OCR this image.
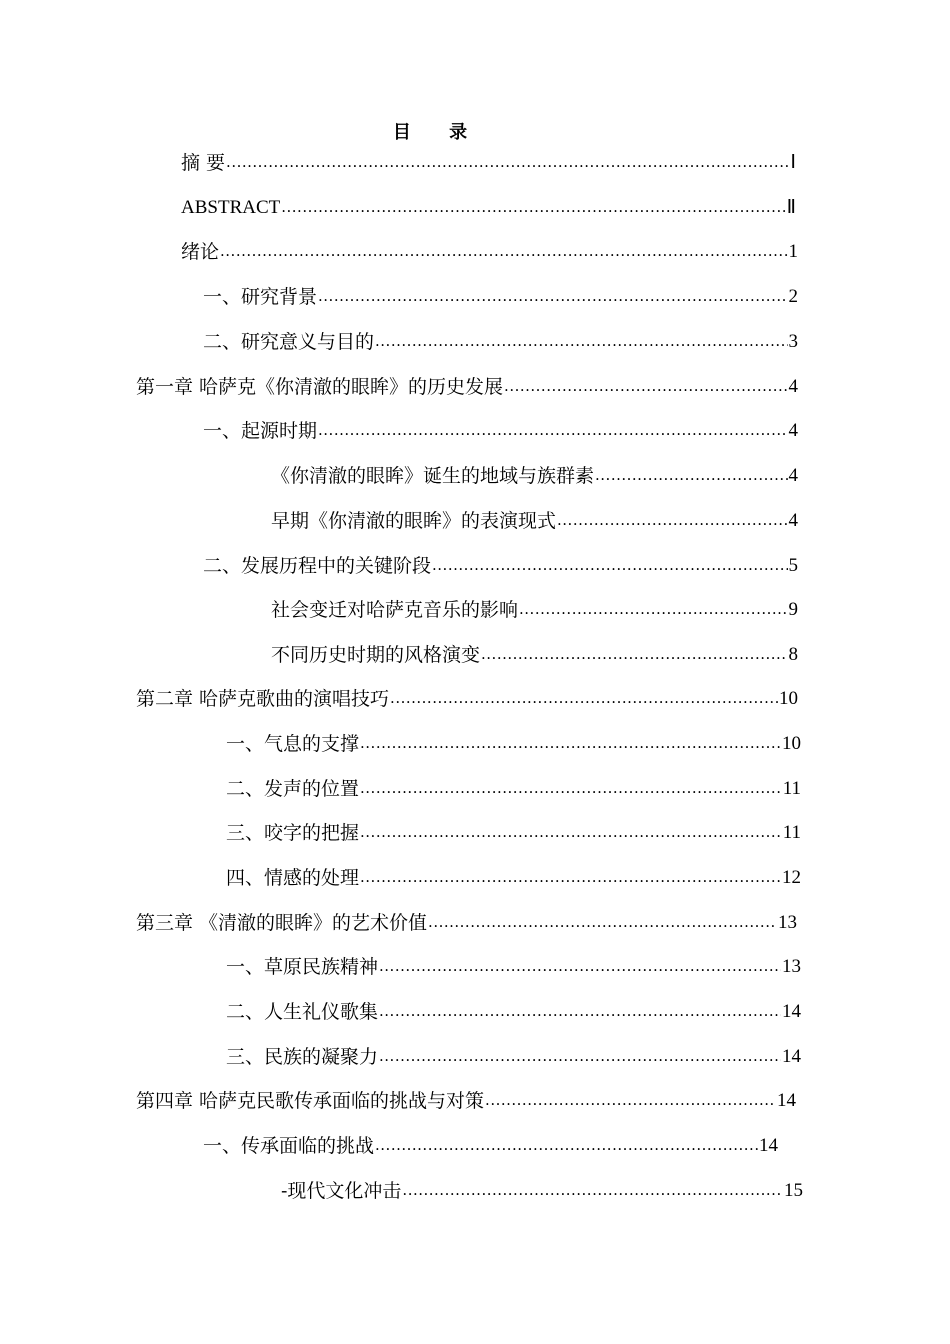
目 录
摘 要 .....	Ⅰ
ABSTRACT .....	Ⅱ
绪论 .....	1
一、研究背景 .....	2
二、研究意义与目的 .....	3
第一章 哈萨克《你清澈的眼眸》的历史发展 .....	4
一、起源时期 .....	4
《你清澈的眼眸》诞生的地域与族群素 .....	4
早期《你清澈的眼眸》的表演现式 .....	4
二、发展历程中的关键阶段 .....	5
社会变迁对哈萨克音乐的影响 .....	9
不同历史时期的风格演变 .....	8
第二章 哈萨克歌曲的演唱技巧 .....	10
一、气息的支撑 .....	10
二、发声的位置 .....	11
三、咬字的把握 .....	11
四、情感的处理 .....	12
第三章 《清澈的眼眸》的艺术价值 .....	13
一、草原民族精神 .....	13
二、人生礼仪歌集 .....	14
三、民族的凝聚力 .....	14
第四章 哈萨克民歌传承面临的挑战与对策 .....	14
一、传承面临的挑战 .....	14
-现代文化冲击 .....	15
